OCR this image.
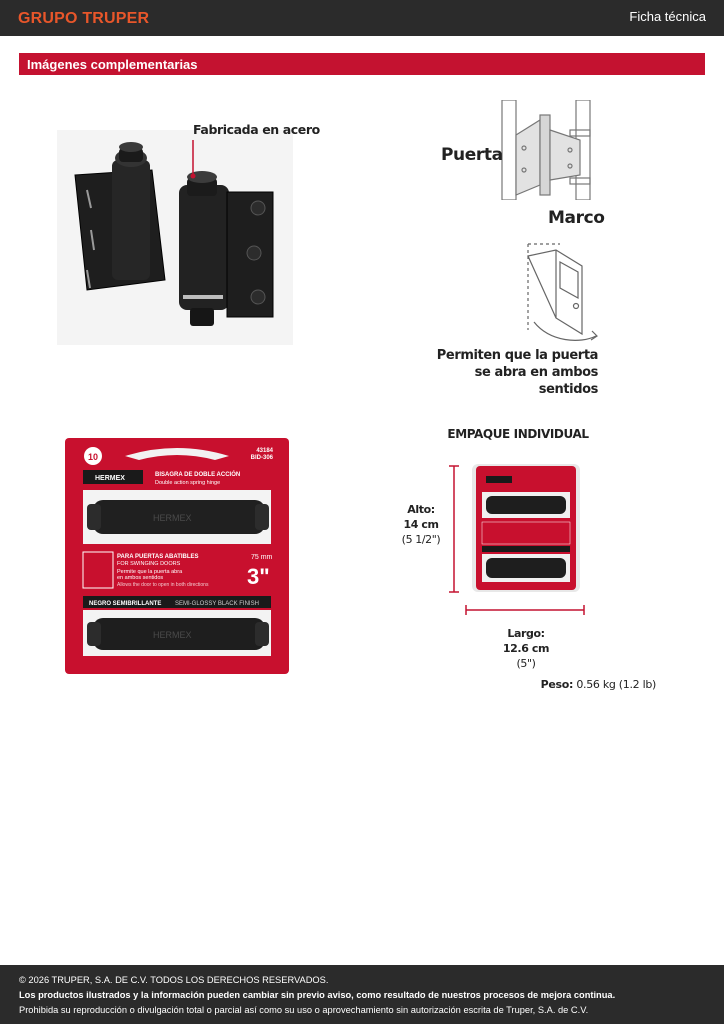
GRUPO TRUPER	Ficha técnica
Imágenes complementarias
Fabricada en acero
Puerta
Marco
Permiten que la puerta
se abra en ambos sentidos
10
43184
BID-306
HERMEX	BISAGRA DE DOBLE ACCIÓN
Double action spring hinge
HERMEX
PARA PUERTAS ABATIBLES
FOR SWINGING DOORS
Permite que la puerta abra
en ambos sentidos
Allows the door to open in both directions
75 mm
3"
NEGRO SEMIBRILLANTE SEMI-GLOSSY BLACK FINISH
HERMEX
EMPAQUE INDIVIDUAL
Alto:
14 cm
(5 1/2")
Largo:
12.6 cm
(5")
Peso: 0.56 kg (1.2 lb)
© 2026 TRUPER, S.A. DE C.V. TODOS LOS DERECHOS RESERVADOS.
Los productos ilustrados y la información pueden cambiar sin previo aviso, como resultado de nuestros procesos de mejora continua.
Prohibida su reproducción o divulgación total o parcial así como su uso o aprovechamiento sin autorización escrita de Truper, S.A. de C.V.
